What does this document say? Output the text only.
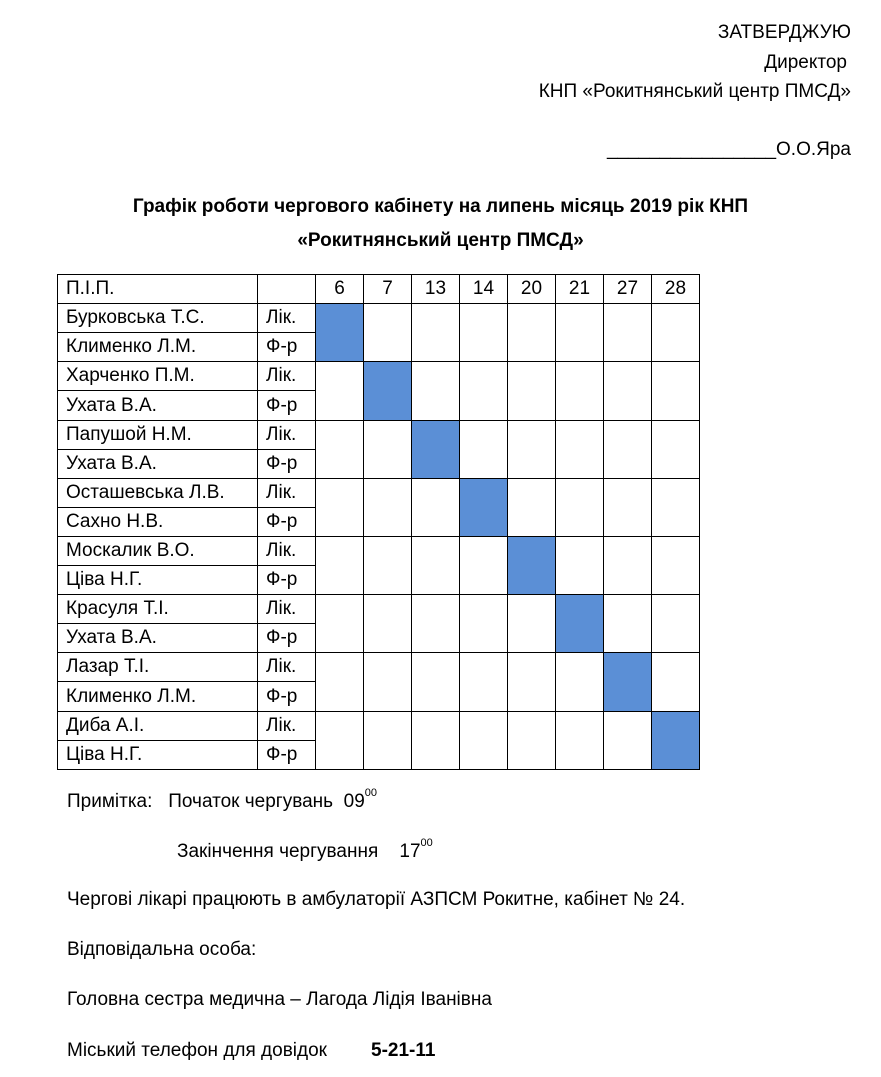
ЗАТВЕРДЖУЮ
Директор
КНП «Рокитнянський центр ПМСД»
________________О.О.Яра
Графік роботи чергового кабінету на липень місяць 2019 рік КНП
«Рокитнянський центр ПМСД»
П.І.П.		6	7	13	14	20	21	27	28
Бурковська Т.С.	Лік.								
Клименко Л.М.	Ф-р								
Харченко П.М.	Лік.								
Ухата В.А.	Ф-р								
Папушой Н.М.	Лік.								
Ухата В.А.	Ф-р								
Осташевська Л.В.	Лік.								
Сахно Н.В.	Ф-р								
Москалик В.О.	Лік.								
Ціва Н.Г.	Ф-р								
Красуля Т.І.	Лік.								
Ухата В.А.	Ф-р								
Лазар Т.І.	Лік.								
Клименко Л.М.	Ф-р								
Диба А.І.	Лік.								
Ціва Н.Г.	Ф-р								
Примітка: Початок чергувань $09^{00}$
Закінчення чергування $17^{00}$
Чергові лікарі працюють в амбулаторії АЗПСМ Рокитне, кабінет № 24.
Відповідальна особа:
Головна сестра медична – Лагода Лідія Іванівна
Міський телефон для довідок 5-21-11
